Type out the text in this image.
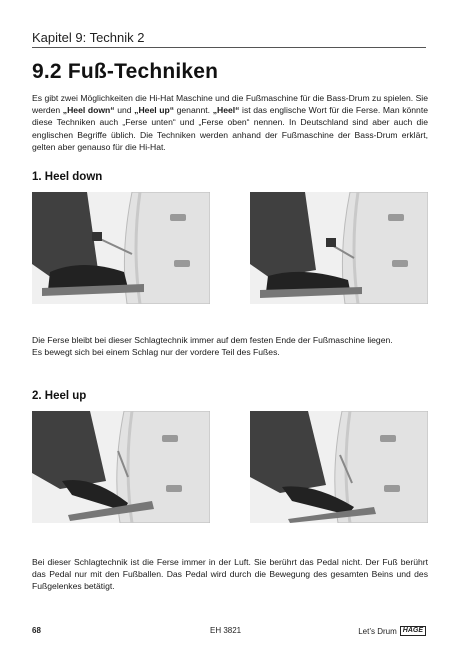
Kapitel 9: Technik 2
9.2 Fuß-Techniken
Es gibt zwei Möglichkeiten die Hi-Hat Maschine und die Fußmaschine für die Bass-Drum zu spielen. Sie werden „Heel down“ und „Heel up“ genannt. „Heel“ ist das englische Wort für die Ferse. Man könnte diese Techniken auch „Ferse unten“ und „Ferse oben“ nennen. In Deutschland sind aber auch die englischen Begriffe üblich. Die Techniken werden anhand der Fußmaschine der Bass-Drum erklärt, gelten aber genauso für die Hi-Hat.
1. Heel down
Die Ferse bleibt bei dieser Schlagtechnik immer auf dem festen Ende der Fußmaschine liegen.
Es bewegt sich bei einem Schlag nur der vordere Teil des Fußes.
2. Heel up
Bei dieser Schlagtechnik ist die Ferse immer in der Luft. Sie berührt das Pedal nicht. Der Fuß berührt das Pedal nur mit den Fußballen. Das Pedal wird durch die Bewegung des gesamten Beins und des Fußgelenkes betätigt.
68	EH 3821	Let’s Drum HAGE
